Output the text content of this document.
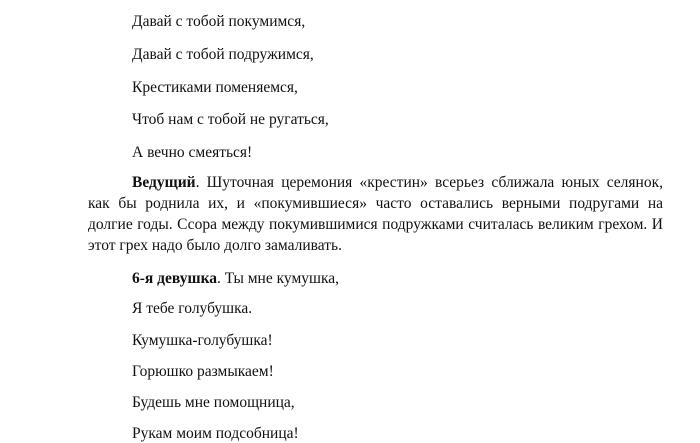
Давай с тобой покумимся,
Давай с тобой подружимся,
Крестиками поменяемся,
Чтоб нам с тобой не ругаться,
А вечно смеяться!
Ведущий. Шуточная церемония «крестин» всерьез сближала юных селянок, как бы роднила их, и «покумившиеся» часто оставались верными подругами на долгие годы. Ссора между покумившимися подружками считалась великим грехом. И этот грех надо было долго замаливать.
6-я девушка. Ты мне кумушка,
Я тебе голубушка.
Кумушка-голубушка!
Горюшко размыкаем!
Будешь мне помощница,
Рукам моим подсобница!
